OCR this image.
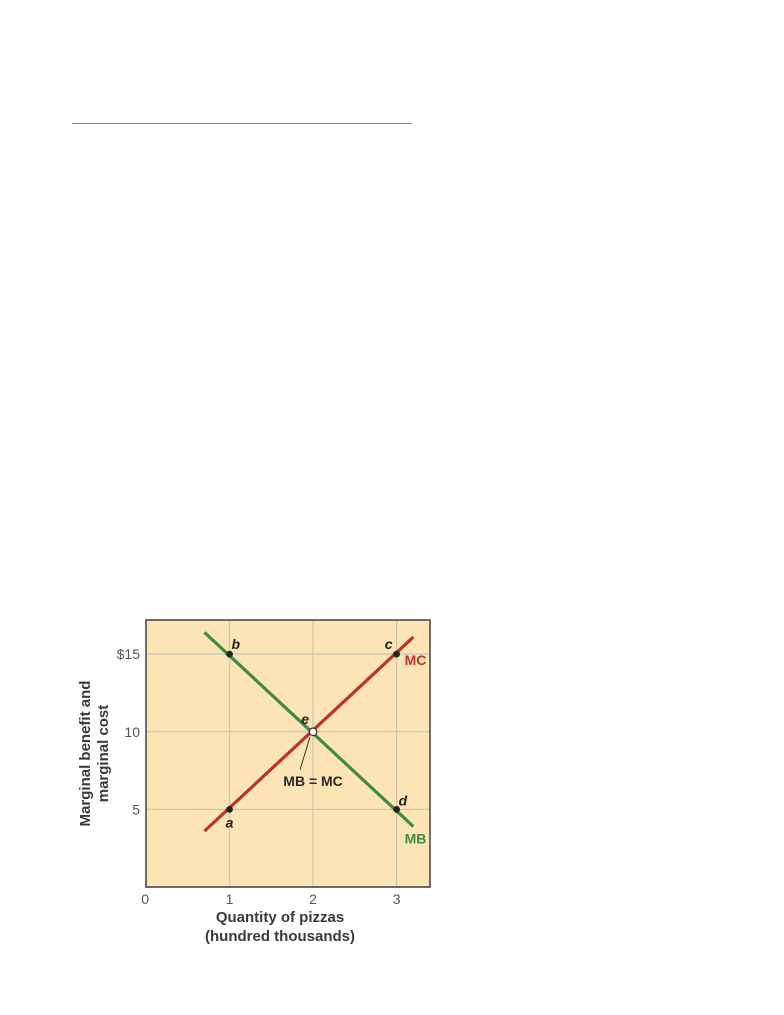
a
b	c
d
e
1	2	3
5
10
$15
Quantity of pizzas
(hundred thousands)
Marginal benefit and marginal cost
0
MB = MC
MC
MB
